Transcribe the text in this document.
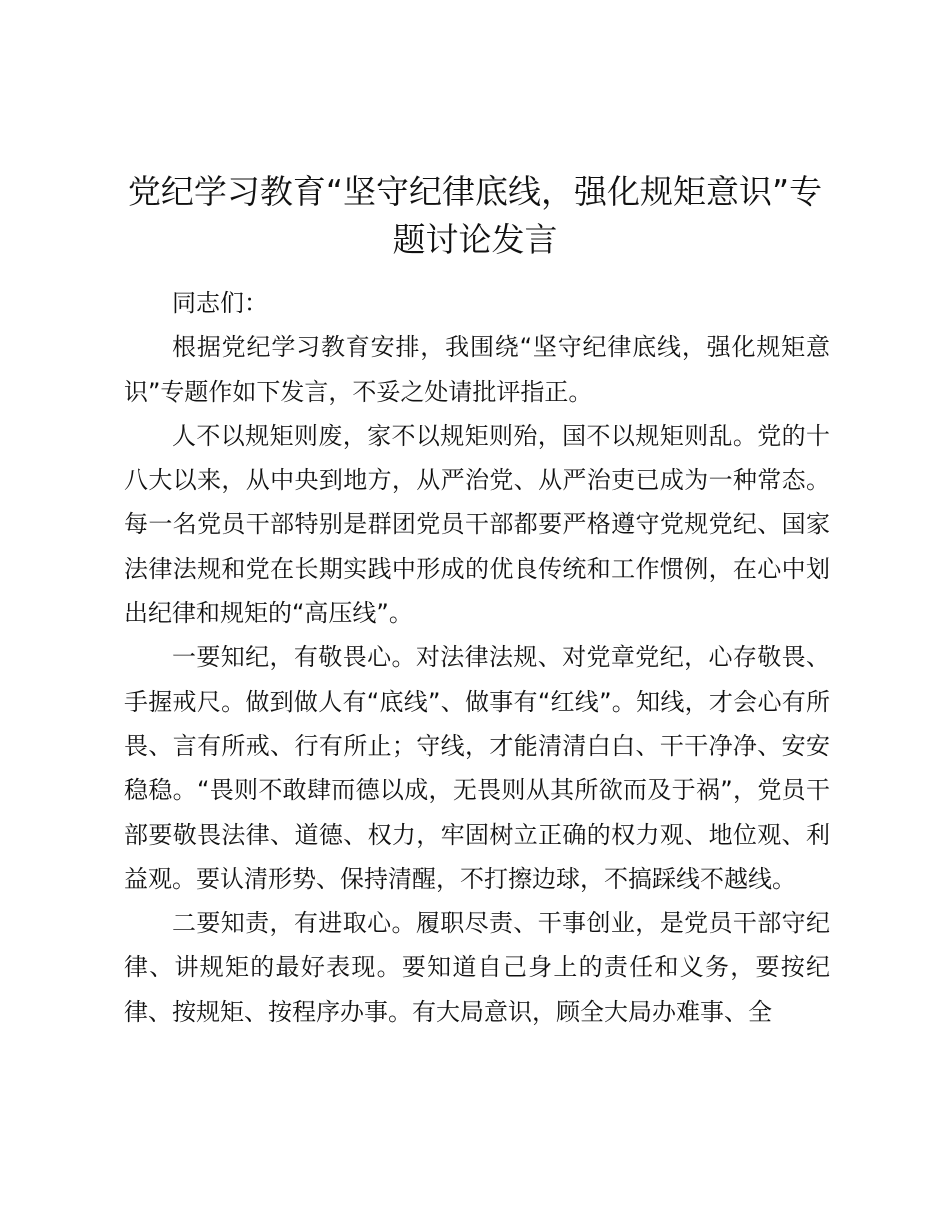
党纪学习教育“坚守纪律底线，强化规矩意识”专题讨论发言

同志们：

根据党纪学习教育安排，我围绕“坚守纪律底线，强化规矩意识”专题作如下发言，不妥之处请批评指正。

人不以规矩则废，家不以规矩则殆，国不以规矩则乱。党的十八大以来，从中央到地方，从严治党、从严治吏已成为一种常态。每一名党员干部特别是群团党员干部都要严格遵守党规党纪、国家法律法规和党在长期实践中形成的优良传统和工作惯例，在心中划出纪律和规矩的“高压线”。

一要知纪，有敬畏心。对法律法规、对党章党纪，心存敬畏、手握戒尺。做到做人有“底线”、做事有“红线”。知线，才会心有所畏、言有所戒、行有所止；守线，才能清清白白、干干净净、安安稳稳。“畏则不敢肆而德以成，无畏则从其所欲而及于祸”，党员干部要敬畏法律、道德、权力，牢固树立正确的权力观、地位观、利益观。要认清形势、保持清醒，不打擦边球，不搞踩线不越线。

二要知责，有进取心。履职尽责、干事创业，是党员干部守纪律、讲规矩的最好表现。要知道自己身上的责任和义务，要按纪律、按规矩、按程序办事。有大局意识，顾全大局办难事、全
